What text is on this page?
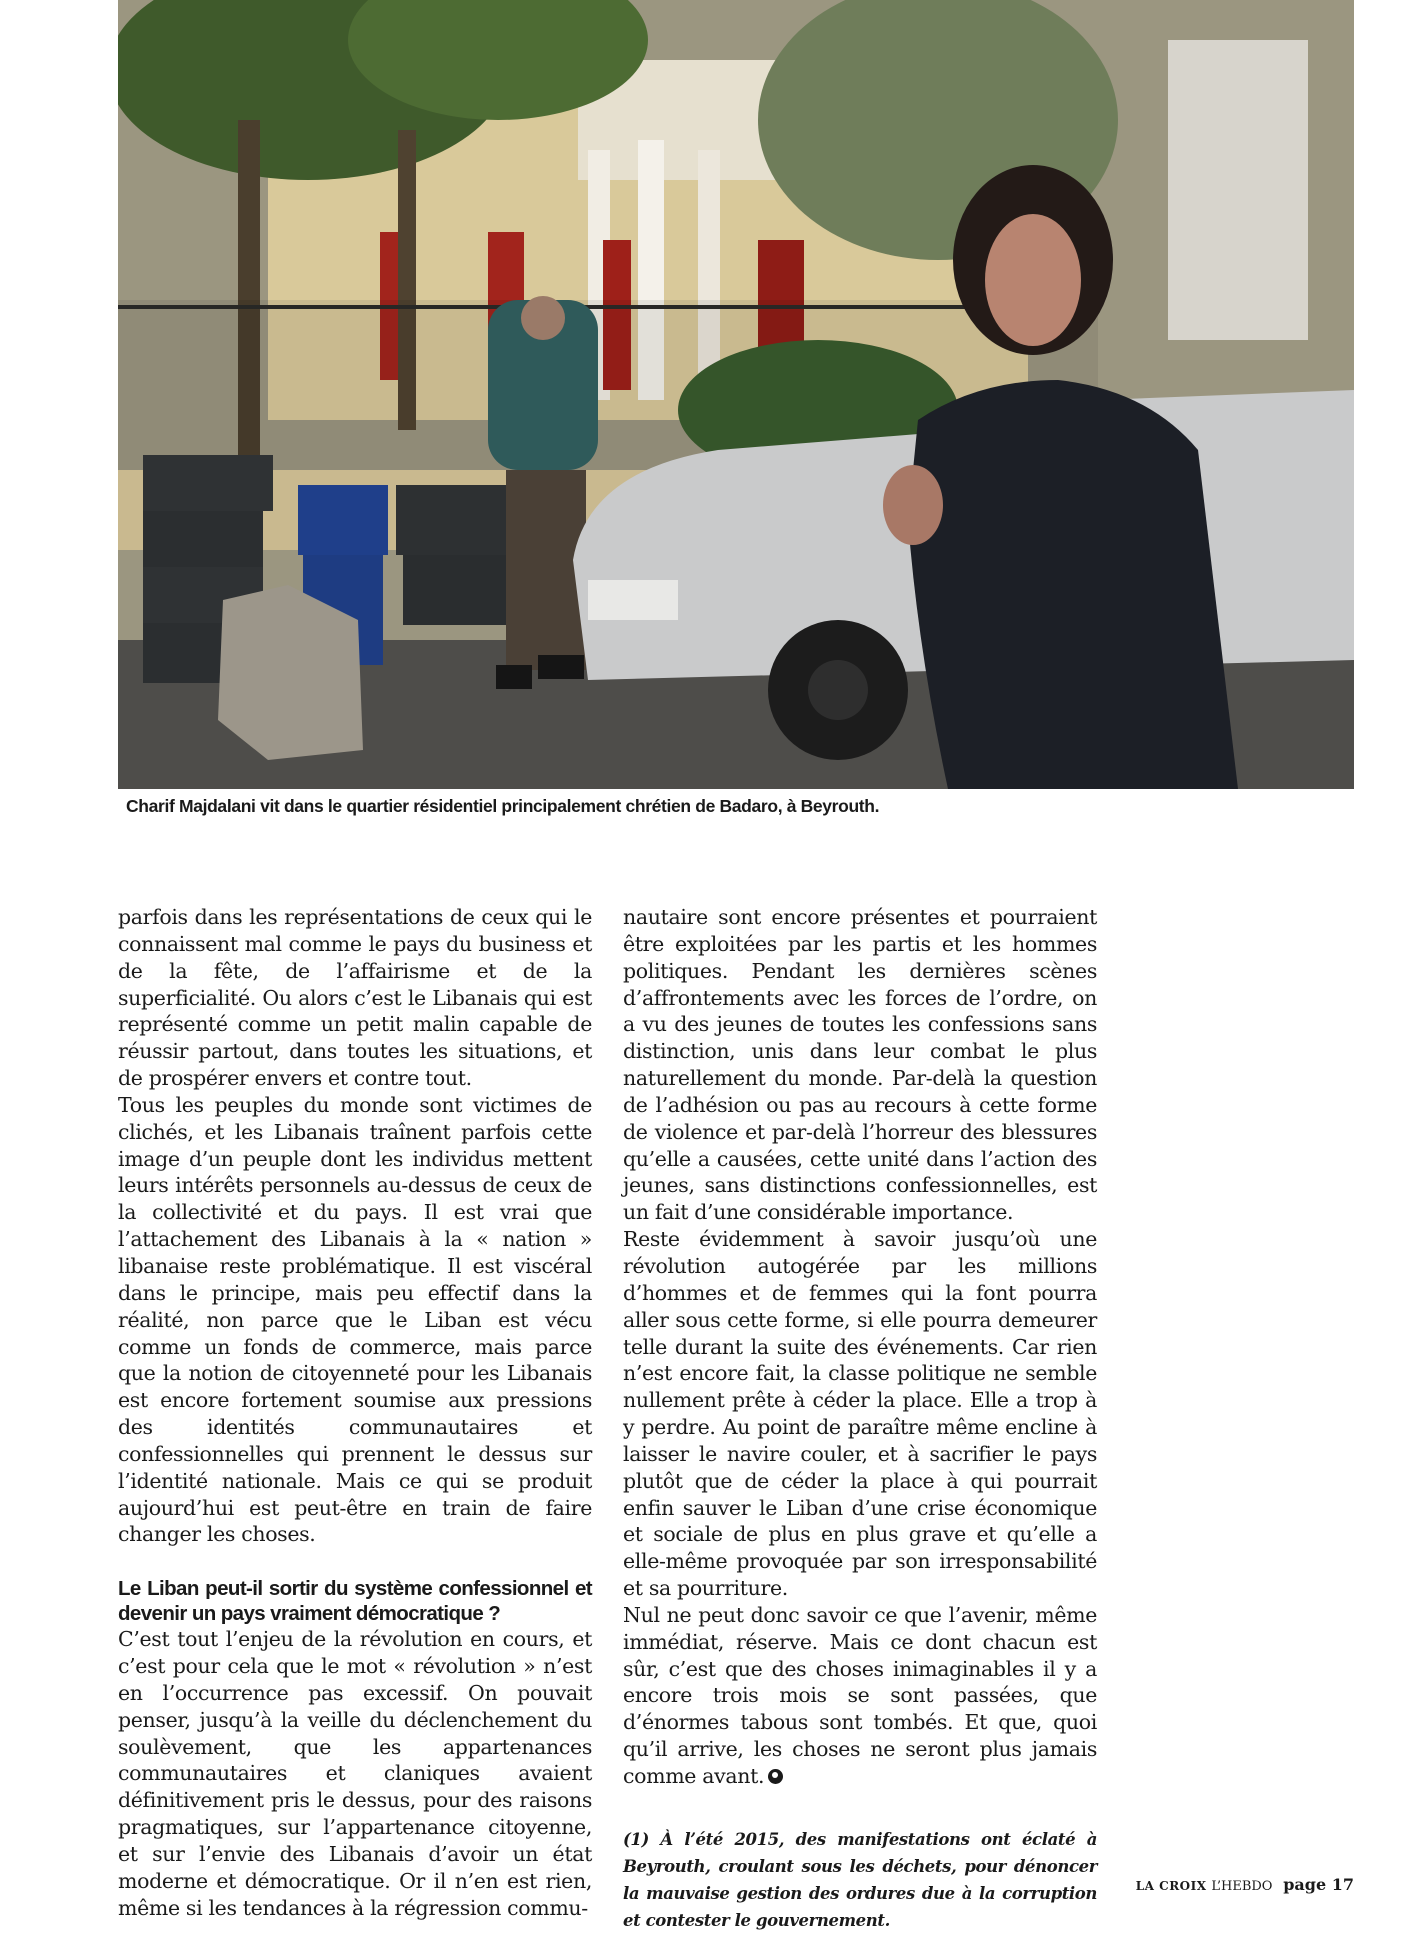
Charif Majdalani vit dans le quartier résidentiel principalement chrétien de Badaro, à Beyrouth.

parfois dans les représentations de ceux qui le connaissent mal comme le pays du business et de la fête, de l’affairisme et de la superficialité. Ou alors c’est le Libanais qui est représenté comme un petit malin capable de réussir partout, dans toutes les situations, et de prospérer envers et contre tout.

Tous les peuples du monde sont victimes de clichés, et les Libanais traînent parfois cette image d’un peuple dont les individus mettent leurs intérêts personnels au-dessus de ceux de la collectivité et du pays. Il est vrai que l’attachement des Libanais à la « nation » libanaise reste problématique. Il est viscéral dans le principe, mais peu effectif dans la réalité, non parce que le Liban est vécu comme un fonds de commerce, mais parce que la notion de citoyenneté pour les Libanais est encore fortement soumise aux pressions des identités communautaires et confessionnelles qui prennent le dessus sur l’identité nationale. Mais ce qui se produit aujourd’hui est peut-être en train de faire changer les choses.

Le Liban peut-il sortir du système confessionnel et devenir un pays vraiment démocratique ?

C’est tout l’enjeu de la révolution en cours, et c’est pour cela que le mot « révolution » n’est en l’occurrence pas excessif. On pouvait penser, jusqu’à la veille du déclenchement du soulèvement, que les appartenances communautaires et claniques avaient définitivement pris le dessus, pour des raisons pragmatiques, sur l’appartenance citoyenne, et sur l’envie des Libanais d’avoir un état moderne et démocratique. Or il n’en est rien, même si les tendances à la régression commu-

nautaire sont encore présentes et pourraient être exploitées par les partis et les hommes politiques. Pendant les dernières scènes d’affrontements avec les forces de l’ordre, on a vu des jeunes de toutes les confessions sans distinction, unis dans leur combat le plus naturellement du monde. Par-delà la question de l’adhésion ou pas au recours à cette forme de violence et par-delà l’horreur des blessures qu’elle a causées, cette unité dans l’action des jeunes, sans distinctions confessionnelles, est un fait d’une considérable importance.

Reste évidemment à savoir jusqu’où une révolution autogérée par les millions d’hommes et de femmes qui la font pourra aller sous cette forme, si elle pourra demeurer telle durant la suite des événements. Car rien n’est encore fait, la classe politique ne semble nullement prête à céder la place. Elle a trop à y perdre. Au point de paraître même encline à laisser le navire couler, et à sacrifier le pays plutôt que de céder la place à qui pourrait enfin sauver le Liban d’une crise économique et sociale de plus en plus grave et qu’elle a elle-même provoquée par son irresponsabilité et sa pourriture.

Nul ne peut donc savoir ce que l’avenir, même immédiat, réserve. Mais ce dont chacun est sûr, c’est que des choses inimaginables il y a encore trois mois se sont passées, que d’énormes tabous sont tombés. Et que, quoi qu’il arrive, les choses ne seront plus jamais comme avant.

(1) À l’été 2015, des manifestations ont éclaté à Beyrouth, croulant sous les déchets, pour dénoncer la mauvaise gestion des ordures due à la corruption et contester le gouvernement.

LA CROIX L’HEBDO page 17
